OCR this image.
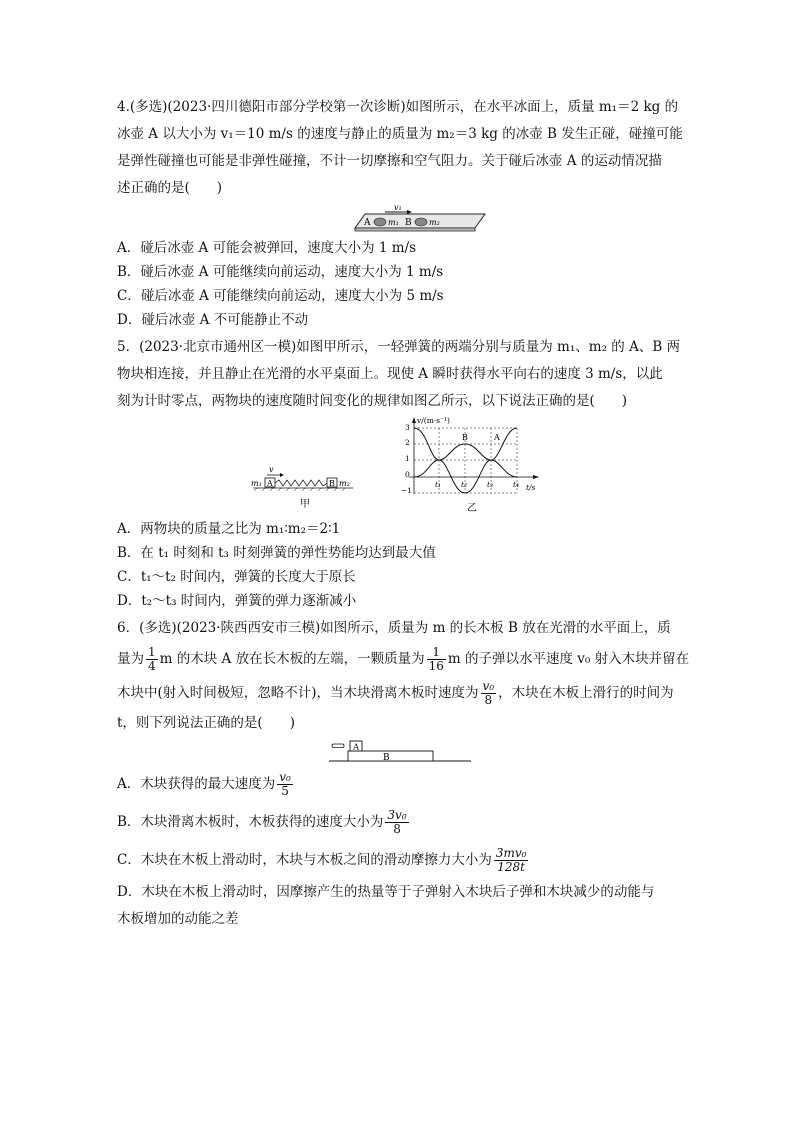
4.(多选)(2023·四川德阳市部分学校第一次诊断)如图所示，在水平冰面上，质量 m₁＝2 kg 的
冰壶 A 以大小为 v₁＝10 m/s 的速度与静止的质量为 m₂＝3 kg 的冰壶 B 发生正碰，碰撞可能
是弹性碰撞也可能是非弹性碰撞，不计一切摩擦和空气阻力。关于碰后冰壶 A 的运动情况描
述正确的是(　　)
v₁
A m₁ B m₂
A．碰后冰壶 A 可能会被弹回，速度大小为 1 m/s
B．碰后冰壶 A 可能继续向前运动，速度大小为 1 m/s
C．碰后冰壶 A 可能继续向前运动，速度大小为 5 m/s
D．碰后冰壶 A 不可能静止不动
5．(2023·北京市通州区一模)如图甲所示，一轻弹簧的两端分别与质量为 m₁、m₂ 的 A、B 两
物块相连接，并且静止在光滑的水平桌面上。现使 A 瞬时获得水平向右的速度 3 m/s，以此
刻为计时零点，两物块的速度随时间变化的规律如图乙所示，以下说法正确的是(　　)
v
m₁ A	B m₂
甲
v/(m·s⁻¹)
t/s
3
2
1
0
−1
B	A
t₁	t₂	t₃	t₄
乙
A．两物块的质量之比为 m₁∶m₂＝2∶1
B．在 t₁ 时刻和 t₃ 时刻弹簧的弹性势能均达到最大值
C．t₁～t₂ 时间内，弹簧的长度大于原长
D．t₂～t₃ 时间内，弹簧的弹力逐渐减小
6．(多选)(2023·陕西西安市三模)如图所示，质量为 m 的长木板 B 放在光滑的水平面上，质
量为 $\frac{1}{4}$ m 的木块 A 放在长木板的左端，一颗质量为 $\frac{1}{16}$ m 的子弹以水平速度 v₀ 射入木块并留在
木块中(射入时间极短，忽略不计)，当木块滑离木板时速度为 $\frac{\text{v₀}}{8}$ ，木块在木板上滑行的时间为
t，则下列说法正确的是(　　)
B
A
A．木块获得的最大速度为 $\frac{\text{v₀}}{5}$
B．木块滑离木板时，木板获得的速度大小为 $\frac{\text{3v₀}}{8}$
C．木块在木板上滑动时，木块与木板之间的滑动摩擦力大小为 $\frac{\text{3mv₀}}{128t}$
D．木块在木板上滑动时，因摩擦产生的热量等于子弹射入木块后子弹和木块减少的动能与
木板增加的动能之差
